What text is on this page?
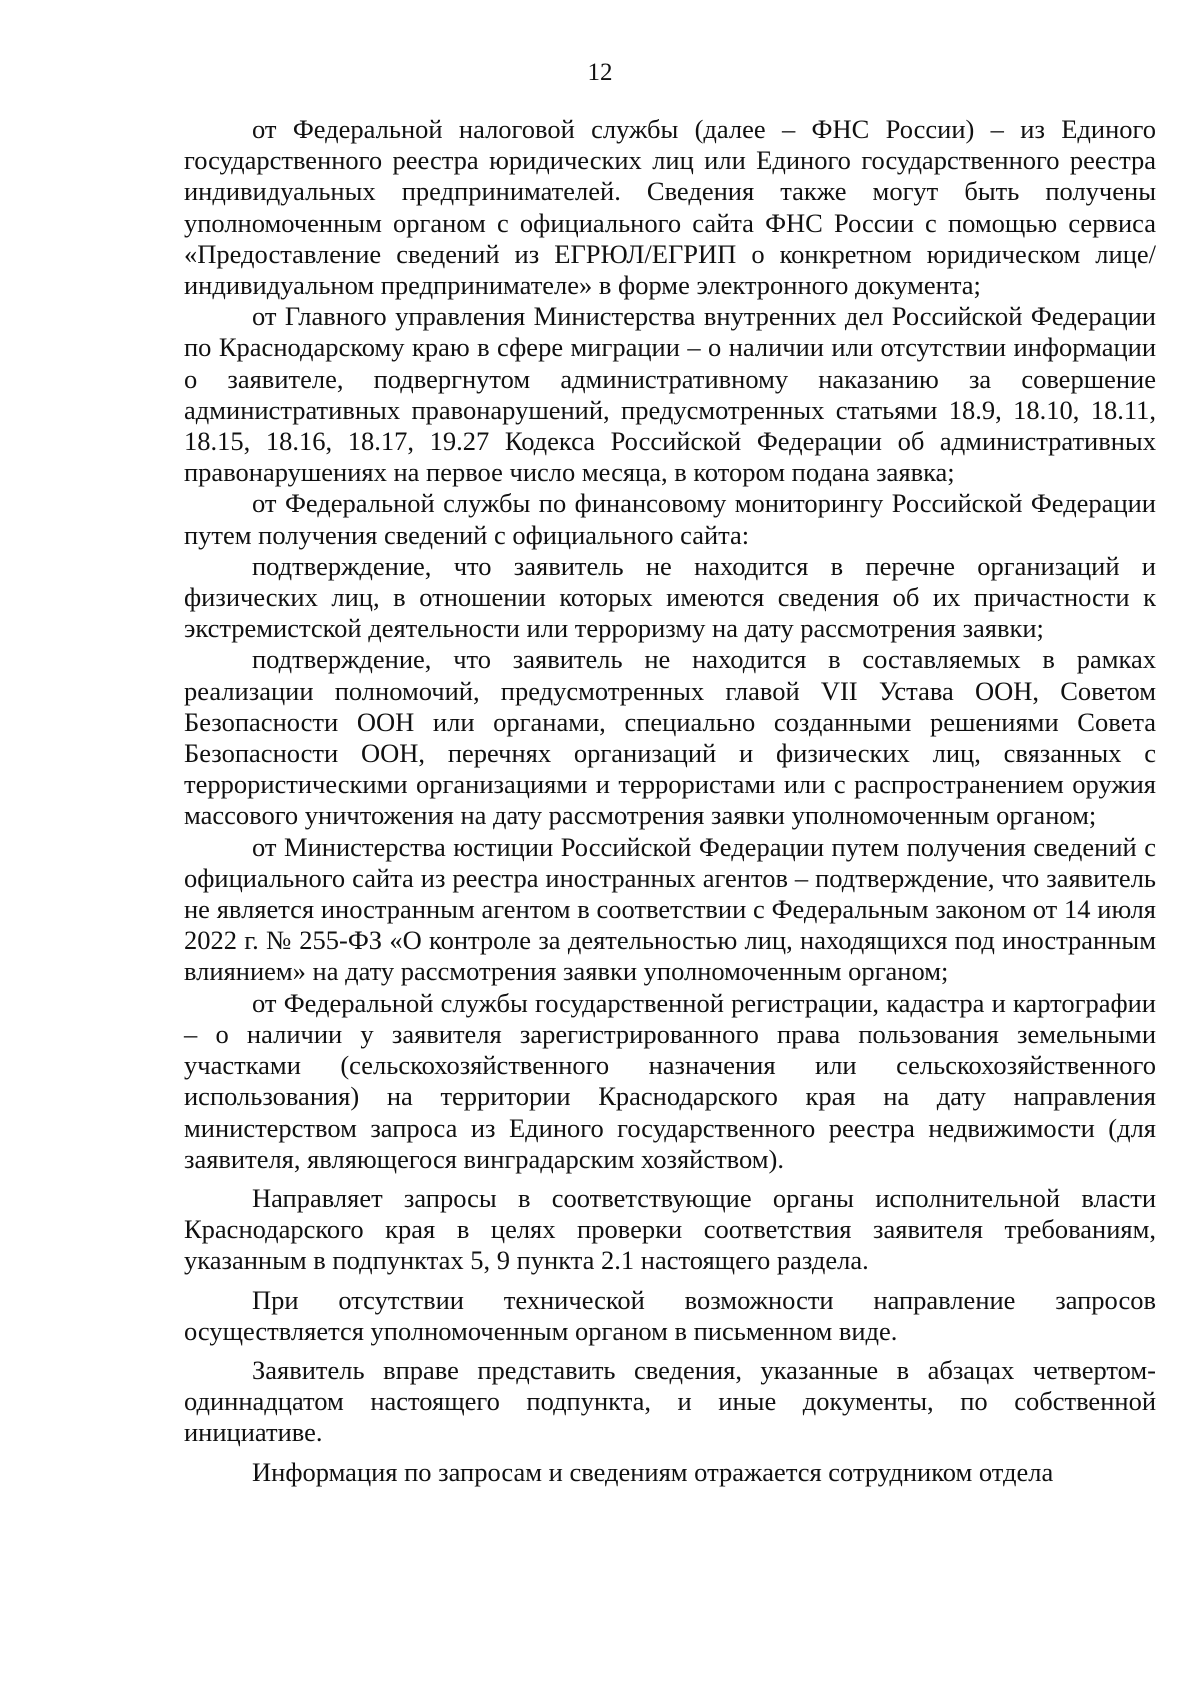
12

от Федеральной налоговой службы (далее – ФНС России) – из Единого государственного реестра юридических лиц или Единого государственного реестра индивидуальных предпринимателей. Сведения также могут быть получены уполномоченным органом с официального сайта ФНС России с помощью сервиса «Предоставление сведений из ЕГРЮЛ/ЕГРИП о конкретном юридическом лице/индивидуальном предпринимателе» в форме электронного документа;

от Главного управления Министерства внутренних дел Российской Федерации по Краснодарскому краю в сфере миграции – о наличии или отсутствии информации о заявителе, подвергнутом административному наказанию за совершение административных правонарушений, предусмотренных статьями 18.9, 18.10, 18.11, 18.15, 18.16, 18.17, 19.27 Кодекса Российской Федерации об административных правонарушениях на первое число месяца, в котором подана заявка;

от Федеральной службы по финансовому мониторингу Российской Федерации путем получения сведений с официального сайта:

подтверждение, что заявитель не находится в перечне организаций и физических лиц, в отношении которых имеются сведения об их причастности к экстремистской деятельности или терроризму на дату рассмотрения заявки;

подтверждение, что заявитель не находится в составляемых в рамках реализации полномочий, предусмотренных главой VII Устава ООН, Советом Безопасности ООН или органами, специально созданными решениями Совета Безопасности ООН, перечнях организаций и физических лиц, связанных с террористическими организациями и террористами или с распространением оружия массового уничтожения на дату рассмотрения заявки уполномоченным органом;

от Министерства юстиции Российской Федерации путем получения сведений с официального сайта из реестра иностранных агентов – подтверждение, что заявитель не является иностранным агентом в соответствии с Федеральным законом от 14 июля 2022 г. № 255-ФЗ «О контроле за деятельностью лиц, находящихся под иностранным влиянием» на дату рассмотрения заявки уполномоченным органом;

от Федеральной службы государственной регистрации, кадастра и картографии – о наличии у заявителя зарегистрированного права пользования земельными участками (сельскохозяйственного назначения или сельскохозяйственного использования) на территории Краснодарского края на дату направления министерством запроса из Единого государственного реестра недвижимости (для заявителя, являющегося винградарским хозяйством).

Направляет запросы в соответствующие органы исполнительной власти Краснодарского края в целях проверки соответствия заявителя требованиям, указанным в подпунктах 5, 9 пункта 2.1 настоящего раздела.

При отсутствии технической возможности направление запросов осуществляется уполномоченным органом в письменном виде.

Заявитель вправе представить сведения, указанные в абзацах четвертом-одиннадцатом настоящего подпункта, и иные документы, по собственной инициативе.

Информация по запросам и сведениям отражается сотрудником отдела
